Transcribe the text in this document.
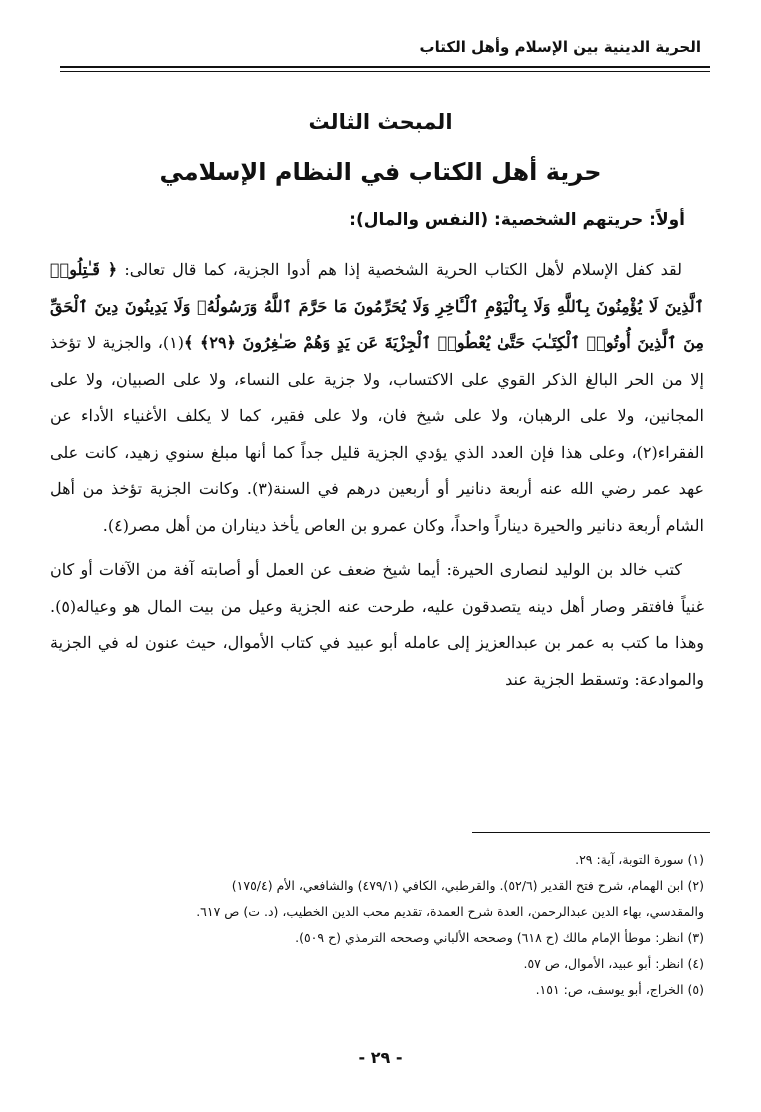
الحرية الدينية بين الإسلام وأهل الكتاب
المبحث الثالث
حرية أهل الكتاب في النظام الإسلامي
أولاً: حريتهم الشخصية: (النفس والمال):

لقد كفل الإسلام لأهل الكتاب الحرية الشخصية إذا هم أدوا الجزية، كما قال تعالى: ﴿ قَـٰتِلُوا۟ ٱلَّذِينَ لَا يُؤْمِنُونَ بِٱللَّهِ وَلَا بِٱلْيَوْمِ ٱلْـَٔاخِرِ وَلَا يُحَرِّمُونَ مَا حَرَّمَ ٱللَّهُ وَرَسُولُهُۥ وَلَا يَدِينُونَ دِينَ ٱلْحَقِّ مِنَ ٱلَّذِينَ أُوتُوا۟ ٱلْكِتَـٰبَ حَتَّىٰ يُعْطُوا۟ ٱلْجِزْيَةَ عَن يَدٍ وَهُمْ صَـٰغِرُونَ ﴿٢٩﴾ ﴾(١)، والجزية لا تؤخذ إلا من الحر البالغ الذكر القوي على الاكتساب، ولا جزية على النساء، ولا على الصبيان، ولا على المجانين، ولا على الرهبان، ولا على شيخ فان، ولا على فقير، كما لا يكلف الأغنياء الأداء عن الفقراء(٢)، وعلى هذا فإن العدد الذي يؤدي الجزية قليل جداً كما أنها مبلغ سنوي زهيد، كانت على عهد عمر رضي الله عنه أربعة دنانير أو أربعين درهم في السنة(٣). وكانت الجزية تؤخذ من أهل الشام أربعة دنانير والحيرة ديناراً واحداً، وكان عمرو بن العاص يأخذ ديناران من أهل مصر(٤).

كتب خالد بن الوليد لنصارى الحيرة: أيما شيخ ضعف عن العمل أو أصابته آفة من الآفات أو كان غنياً فافتقر وصار أهل دينه يتصدقون عليه، طرحت عنه الجزية وعيل من بيت المال هو وعياله(٥). وهذا ما كتب به عمر بن عبدالعزيز إلى عامله أبو عبيد في كتاب الأموال، حيث عنون له في الجزية والموادعة: وتسقط الجزية عند

(١) سورة التوبة، آية: ٢٩.
(٢) ابن الهمام، شرح فتح القدير (٥٢/٦). والقرطبي، الكافي (٤٧٩/١) والشافعي، الأم (١٧٥/٤)
والمقدسي، بهاء الدين عبدالرحمن، العدة شرح العمدة، تقديم محب الدين الخطيب، (د. ت) ص ٦١٧.
(٣) انظر: موطأ الإمام مالك (ح ٦١٨) وصححه الألباني وصححه الترمذي (ح ٥٠٩).
(٤) انظر: أبو عبيد، الأموال، ص ٥٧.
(٥) الخراج، أبو يوسف، ص: ١٥١.
- ٢٩ -
